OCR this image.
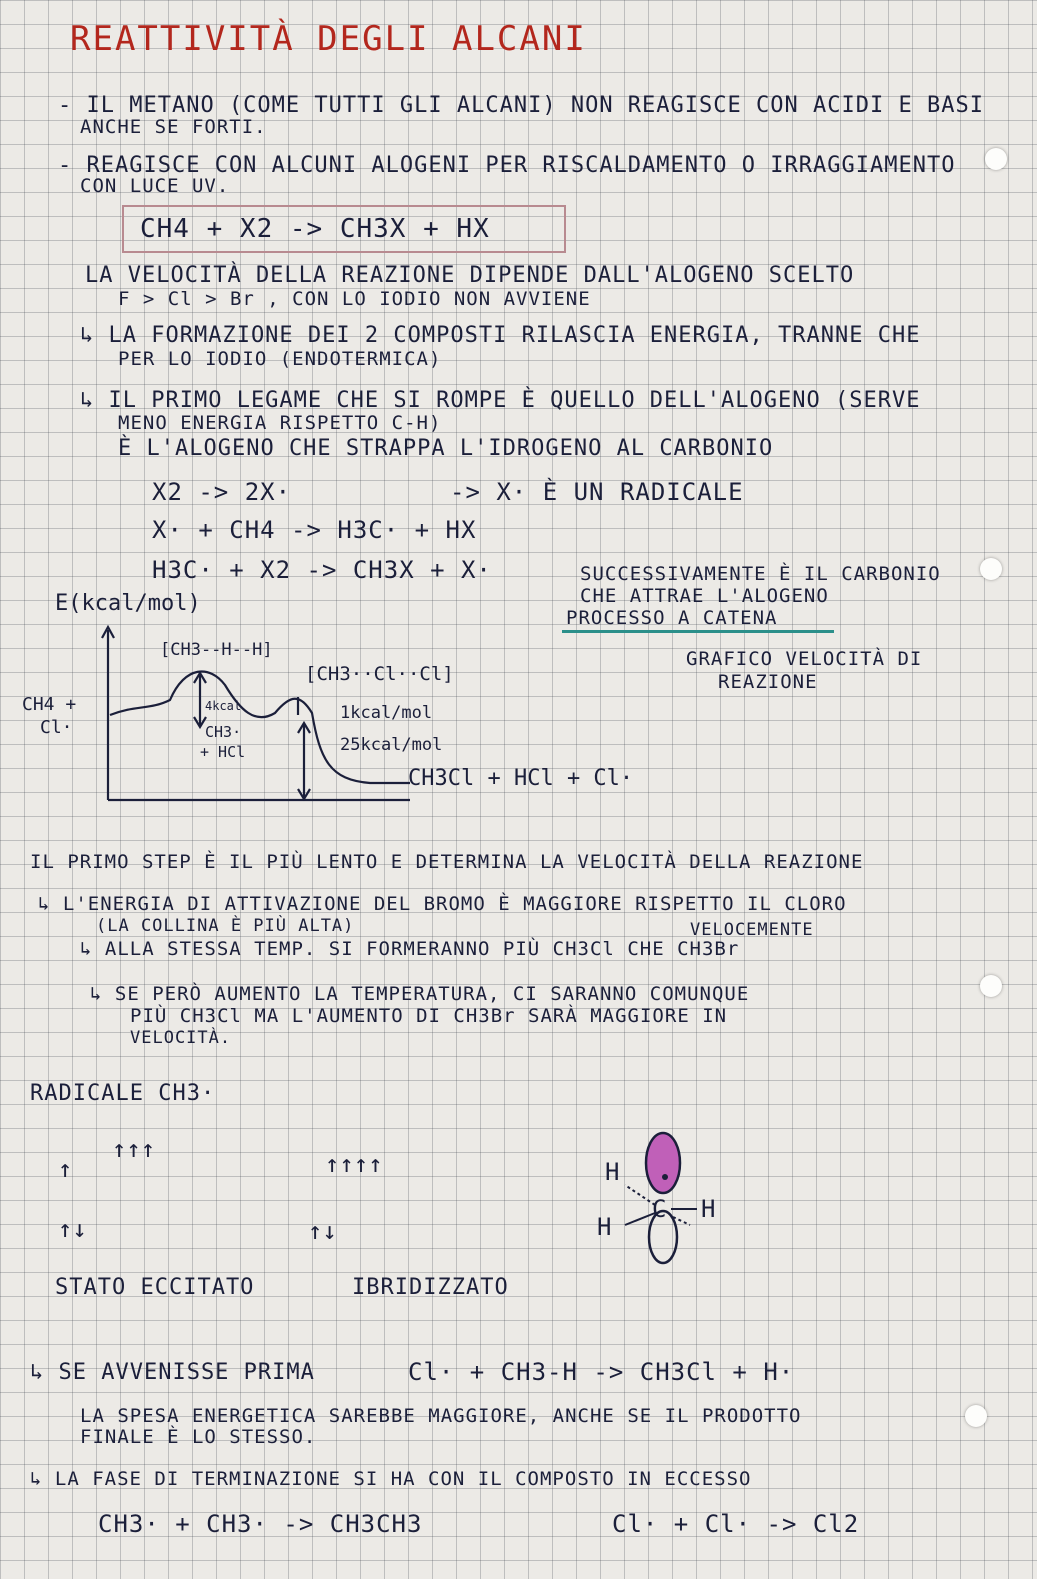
REATTIVITÀ DEGLI ALCANI
- IL METANO (COME TUTTI GLI ALCANI) NON REAGISCE CON ACIDI E BASI
ANCHE SE FORTI.
- REAGISCE CON ALCUNI ALOGENI PER RISCALDAMENTO O IRRAGGIAMENTO
CON LUCE UV.
CH4 + X2 -> CH3X + HX
LA VELOCITÀ DELLA REAZIONE DIPENDE DALL'ALOGENO SCELTO
F > Cl > Br , CON LO IODIO NON AVVIENE
↳ LA FORMAZIONE DEI 2 COMPOSTI RILASCIA ENERGIA, TRANNE CHE
PER LO IODIO (ENDOTERMICA)
↳ IL PRIMO LEGAME CHE SI ROMPE È QUELLO DELL'ALOGENO (SERVE
MENO ENERGIA RISPETTO C-H)
È L'ALOGENO CHE STRAPPA L'IDROGENO AL CARBONIO
X2 -> 2X·	-> X· È UN RADICALE
X· + CH4 -> H3C· + HX
H3C· + X2 -> CH3X + X·	SUCCESSIVAMENTE È IL CARBONIO
CHE ATTRAE L'ALOGENO
PROCESSO A CATENA
E(kcal/mol)
[CH3--H--H]
[CH3··Cl··Cl]
CH4 +
Cl·
4kcal
CH3·
+ HCl
1kcal/mol
25kcal/mol
CH3Cl + HCl + Cl·
GRAFICO VELOCITÀ DI
REAZIONE
IL PRIMO STEP È IL PIÙ LENTO E DETERMINA LA VELOCITÀ DELLA REAZIONE
↳ L'ENERGIA DI ATTIVAZIONE DEL BROMO È MAGGIORE RISPETTO IL CLORO
(LA COLLINA È PIÙ ALTA)	VELOCEMENTE
↳ ALLA STESSA TEMP. SI FORMERANNO PIÙ CH3Cl CHE CH3Br
↳ SE PERÒ AUMENTO LA TEMPERATURA, CI SARANNO COMUNQUE
PIÙ CH3Cl MA L'AUMENTO DI CH3Br SARÀ MAGGIORE IN
VELOCITÀ.
RADICALE CH3·
↑↑↑
↑
↑↓
↑↑↑↑
↑↓
STATO ECCITATO	IBRIDIZZATO
H
C H
H
↳ SE AVVENISSE PRIMA	Cl· + CH3-H -> CH3Cl + H·
LA SPESA ENERGETICA SAREBBE MAGGIORE, ANCHE SE IL PRODOTTO
FINALE È LO STESSO.
↳ LA FASE DI TERMINAZIONE SI HA CON IL COMPOSTO IN ECCESSO
CH3· + CH3· -> CH3CH3	Cl· + Cl· -> Cl2
